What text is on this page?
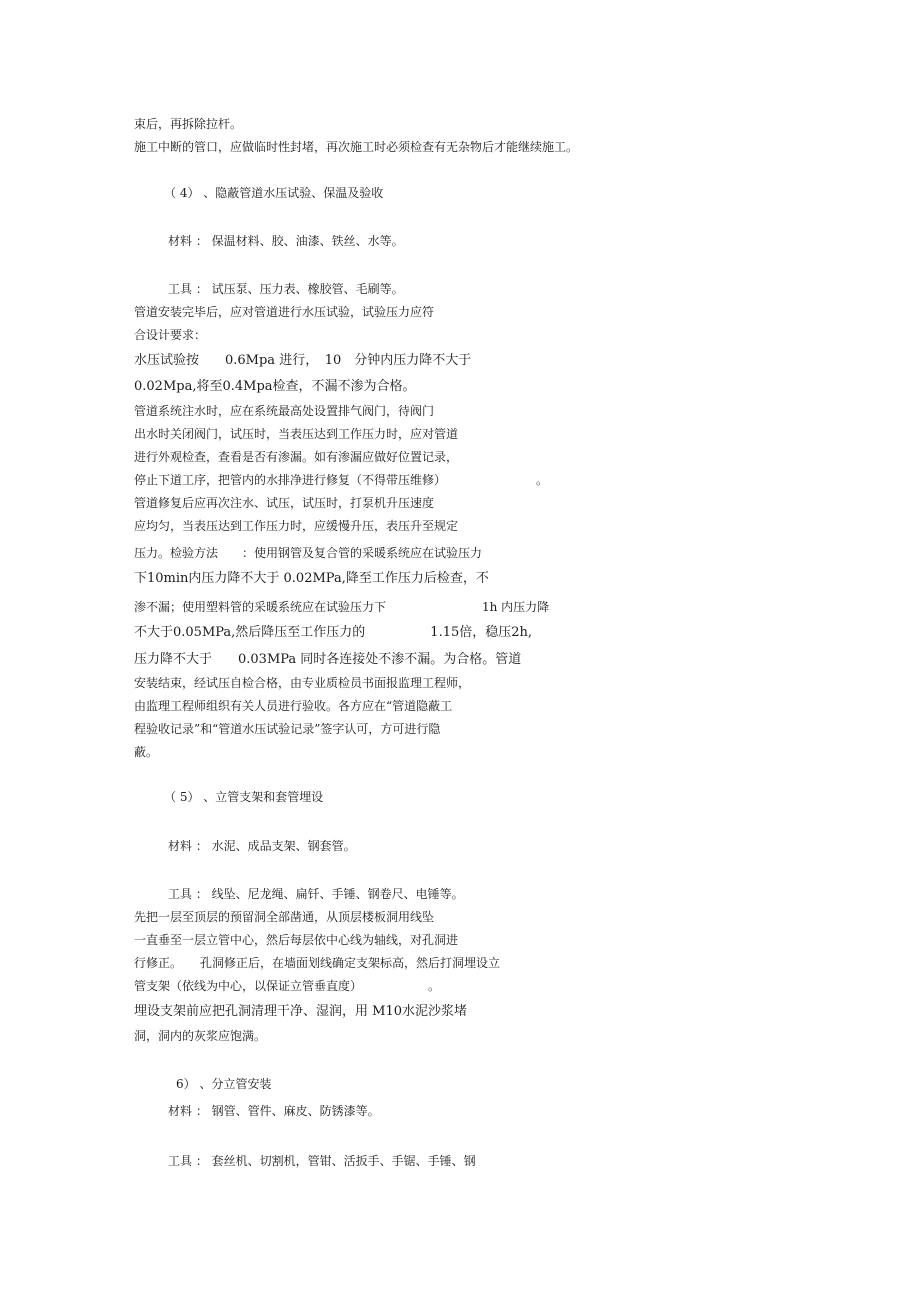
束后，再拆除拉杆。
施工中断的管口，应做临时性封堵，再次施工时必须检查有无杂物后才能继续施工。
（ 4） 、隐蔽管道水压试验、保温及验收
材料 ： 保温材料、胶、油漆、铁丝、水等。
工具 ： 试压泵、压力表、橡胶管、毛刷等。
管道安装完毕后，应对管道进行水压试验，试验压力应符
合设计要求：
水压试验按　　0.6Mpa 进行，　10　分钟内压力降不大于
0.02Mpa,将至0.4Mpa检查，不漏不渗为合格。
管道系统注水时，应在系统最高处设置排气阀门，待阀门
出水时关闭阀门，试压时，当表压达到工作压力时，应对管道
进行外观检查，查看是否有渗漏。如有渗漏应做好位置记录，
停止下道工序，把管内的水排净进行修复（不得带压维修）　　　　　　　　。
管道修复后应再次注水、试压，试压时，打泵机升压速度
应均匀，当表压达到工作压力时，应缓慢升压，表压升至规定
压力。检验方法　　：使用钢管及复合管的采暖系统应在试验压力
下10min内压力降不大于 0.02MPa,降至工作压力后检查，不
渗不漏；使用塑料管的采暖系统应在试验压力下　　　　　　　　1h 内压力降
不大于0.05MPa,然后降压至工作压力的　　　　　1.15倍，稳压2h,
压力降不大于　　0.03MPa 同时各连接处不渗不漏。为合格。管道
安装结束，经试压自检合格，由专业质检员书面报监理工程师，
由监理工程师组织有关人员进行验收。各方应在“管道隐蔽工
程验收记录”和“管道水压试验记录”签字认可，方可进行隐
蔽。
（ 5） 、立管支架和套管埋设
材料 ： 水泥、成品支架、钢套管。
工具 ： 线坠、尼龙绳、扁钎、手锤、钢卷尺、电锤等。
先把一层至顶层的预留洞全部凿通，从顶层楼板洞用线坠
一直垂至一层立管中心，然后每层依中心线为轴线，对孔洞进
行修正。　　孔洞修正后，在墙面划线确定支架标高，然后打洞埋设立
管支架（依线为中心，以保证立管垂直度）　　　　　　。
埋设支架前应把孔洞清理干净、湿润，用 M10水泥沙浆堵
洞，洞内的灰浆应饱满。
6） 、分立管安装
材料 ： 钢管、管件、麻皮、防锈漆等。
工具 ： 套丝机、切割机，管钳、活扳手、手锯、手锤、钢
